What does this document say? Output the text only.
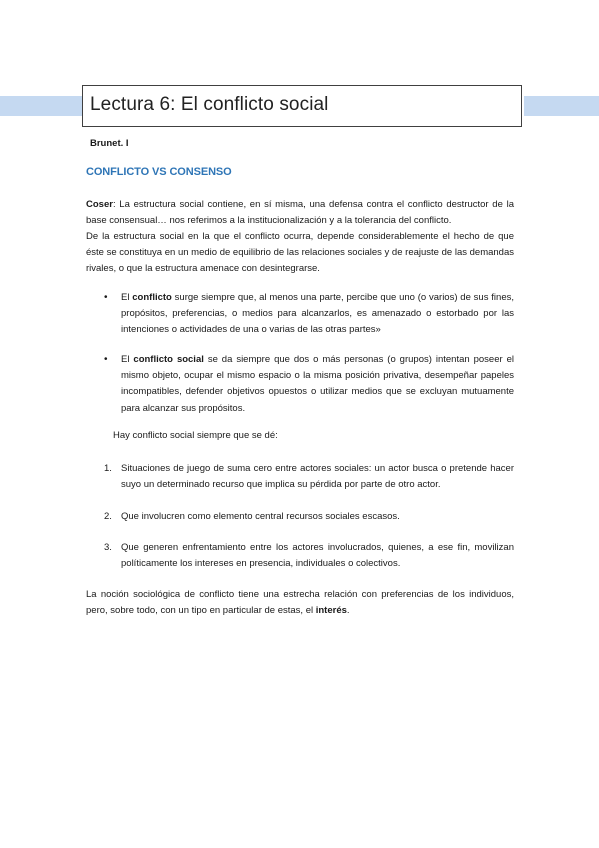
Lectura 6: El conflicto social
Brunet. I
CONFLICTO VS CONSENSO
Coser: La estructura social contiene, en sí misma, una defensa contra el conflicto destructor de la base consensual… nos referimos a la institucionalización y a la tolerancia del conflicto.
De la estructura social en la que el conflicto ocurra, depende considerablemente el hecho de que éste se constituya en un medio de equilibrio de las relaciones sociales y de reajuste de las demandas rivales, o que la estructura amenace con desintegrarse.
• El conflicto surge siempre que, al menos una parte, percibe que uno (o varios) de sus fines, propósitos, preferencias, o medios para alcanzarlos, es amenazado o estorbado por las intenciones o actividades de una o varias de las otras partes»
• El conflicto social se da siempre que dos o más personas (o grupos) intentan poseer el mismo objeto, ocupar el mismo espacio o la misma posición privativa, desempeñar papeles incompatibles, defender objetivos opuestos o utilizar medios que se excluyan mutuamente para alcanzar sus propósitos.
Hay conflicto social siempre que se dé:
1. Situaciones de juego de suma cero entre actores sociales: un actor busca o pretende hacer suyo un determinado recurso que implica su pérdida por parte de otro actor.
2. Que involucren como elemento central recursos sociales escasos.
3. Que generen enfrentamiento entre los actores involucrados, quienes, a ese fin, movilizan políticamente los intereses en presencia, individuales o colectivos.
La noción sociológica de conflicto tiene una estrecha relación con preferencias de los individuos, pero, sobre todo, con un tipo en particular de estas, el interés.
